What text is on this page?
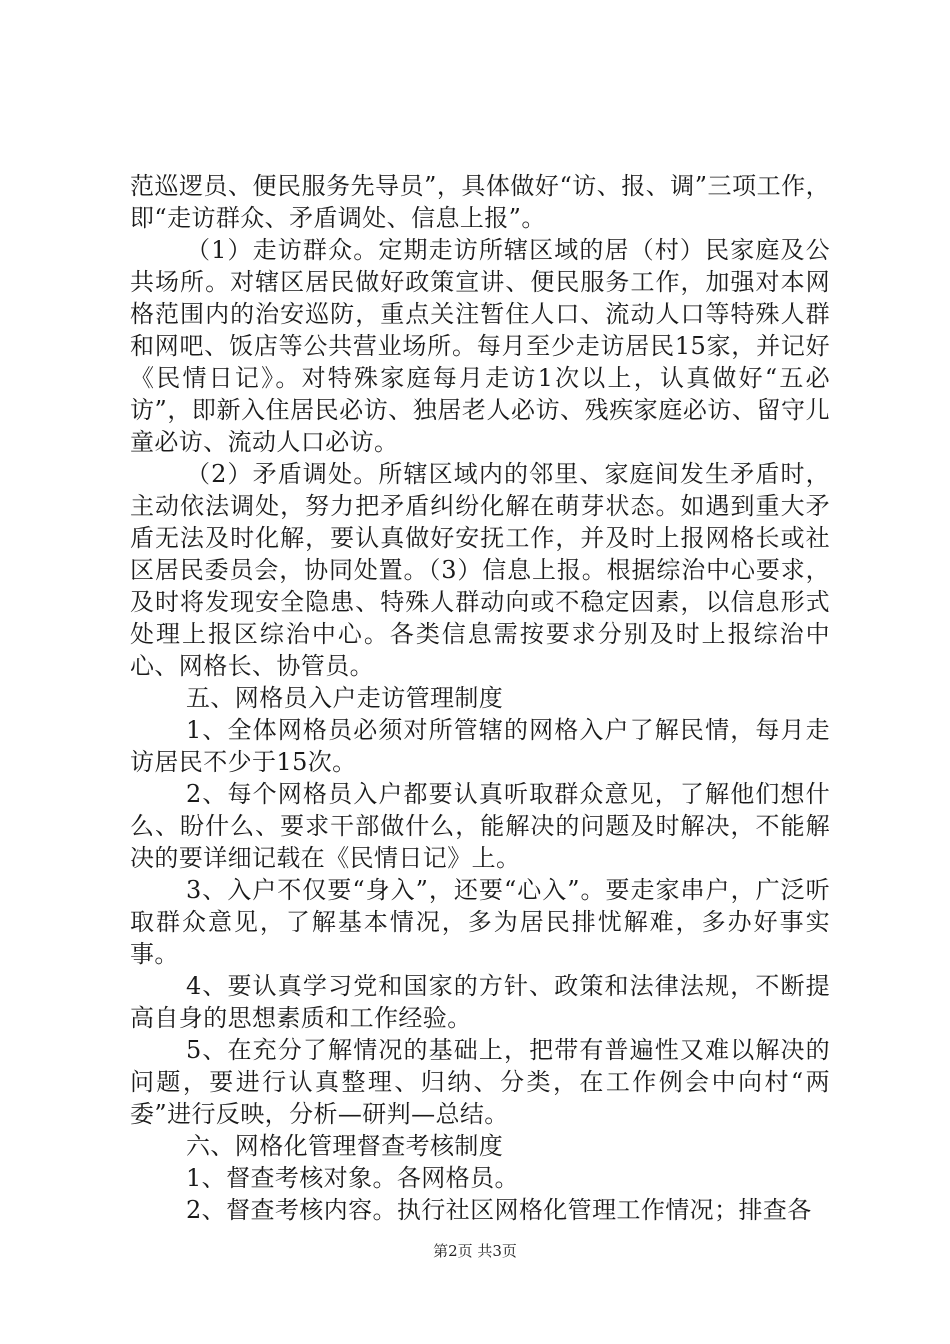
范巡逻员、便民服务先导员”，具体做好“访、报、调”三项工作，即“走访群众、矛盾调处、信息上报”。

（1）走访群众。定期走访所辖区域的居（村）民家庭及公共场所。对辖区居民做好政策宣讲、便民服务工作，加强对本网格范围内的治安巡防，重点关注暂住人口、流动人口等特殊人群和网吧、饭店等公共营业场所。每月至少走访居民15家，并记好《民情日记》。对特殊家庭每月走访1次以上，认真做好“五必访”，即新入住居民必访、独居老人必访、残疾家庭必访、留守儿童必访、流动人口必访。

（2）矛盾调处。所辖区域内的邻里、家庭间发生矛盾时，主动依法调处，努力把矛盾纠纷化解在萌芽状态。如遇到重大矛盾无法及时化解，要认真做好安抚工作，并及时上报网格长或社区居民委员会，协同处置。（3）信息上报。根据综治中心要求，及时将发现安全隐患、特殊人群动向或不稳定因素，以信息形式处理上报区综治中心。各类信息需按要求分别及时上报综治中心、网格长、协管员。

五、网格员入户走访管理制度

1、全体网格员必须对所管辖的网格入户了解民情，每月走访居民不少于15次。

2、每个网格员入户都要认真听取群众意见，了解他们想什么、盼什么、要求干部做什么，能解决的问题及时解决，不能解决的要详细记载在《民情日记》上。

3、入户不仅要“身入”，还要“心入”。要走家串户，广泛听取群众意见，了解基本情况，多为居民排忧解难，多办好事实事。

4、要认真学习党和国家的方针、政策和法律法规，不断提高自身的思想素质和工作经验。

5、在充分了解情况的基础上，把带有普遍性又难以解决的问题，要进行认真整理、归纳、分类，在工作例会中向村“两委”进行反映，分析—研判—总结。

六、网格化管理督查考核制度

1、督查考核对象。各网格员。

2、督查考核内容。执行社区网格化管理工作情况；排查各

第2页 共3页
